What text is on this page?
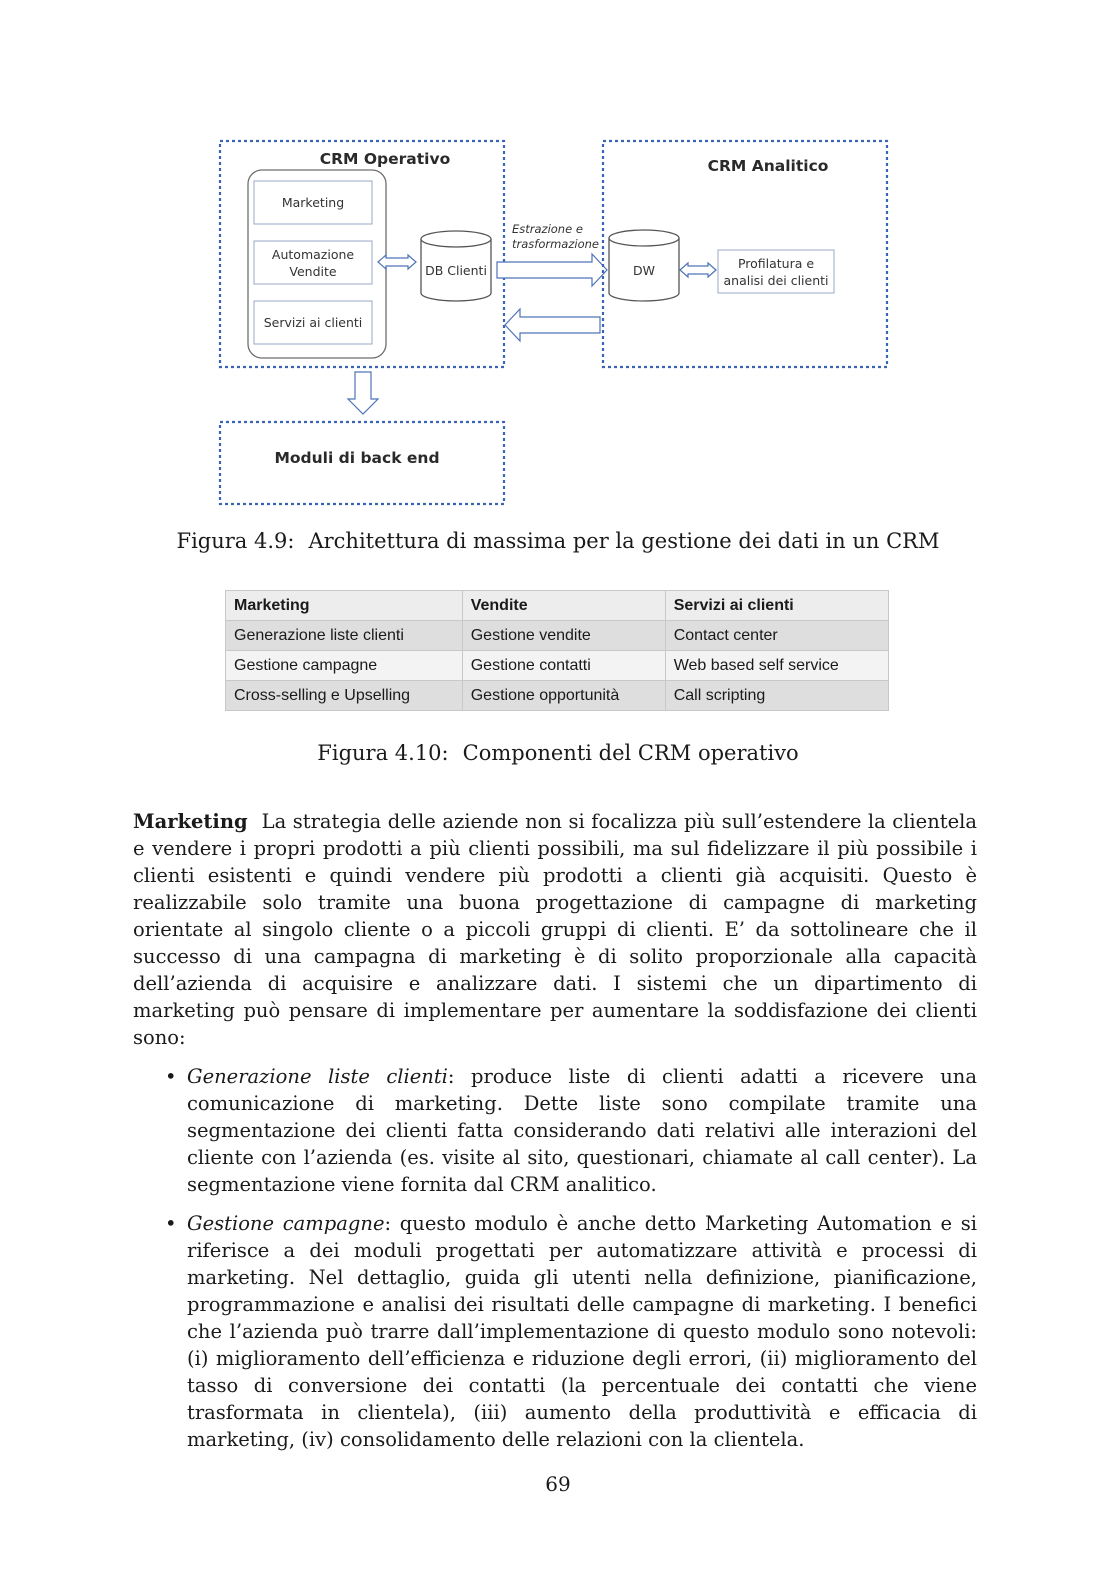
CRM Operativo
Marketing
Automazione
Vendite
Servizi ai clienti
DB Clienti
Estrazione e
trasformazione
CRM Analitico
DW	Profilatura e
analisi dei clienti
Moduli di back end
Figura 4.9: Architettura di massima per la gestione dei dati in un CRM
Marketing	Vendite	Servizi ai clienti
Generazione liste clienti	Gestione vendite	Contact center
Gestione campagne	Gestione contatti	Web based self service
Cross-selling e Upselling	Gestione opportunità	Call scripting
Figura 4.10: Componenti del CRM operativo

Marketing La strategia delle aziende non si focalizza più sull’estendere la clientela e vendere i propri prodotti a più clienti possibili, ma sul fidelizzare il più possibile i clienti esistenti e quindi vendere più prodotti a clienti già acquisiti. Questo è realizzabile solo tramite una buona progettazione di campagne di marketing orientate al singolo cliente o a piccoli gruppi di clienti. E’ da sottolineare che il successo di una campagna di marketing è di solito proporzionale alla capacità dell’azienda di acquisire e analizzare dati. I sistemi che un dipartimento di marketing può pensare di implementare per aumentare la soddisfazione dei clienti sono:

• Generazione liste clienti: produce liste di clienti adatti a ricevere una comunicazione di marketing. Dette liste sono compilate tramite una segmentazione dei clienti fatta considerando dati relativi alle interazioni del cliente con l’azienda (es. visite al sito, questionari, chiamate al call center). La segmentazione viene fornita dal CRM analitico.
• Gestione campagne: questo modulo è anche detto Marketing Automation e si riferisce a dei moduli progettati per automatizzare attività e processi di marketing. Nel dettaglio, guida gli utenti nella definizione, pianificazione, programmazione e analisi dei risultati delle campagne di marketing. I benefici che l’azienda può trarre dall’implementazione di questo modulo sono notevoli: (i) miglioramento dell’efficienza e riduzione degli errori, (ii) miglioramento del tasso di conversione dei contatti (la percentuale dei contatti che viene trasformata in clientela), (iii) aumento della produttività e efficacia di marketing, (iv) consolidamento delle relazioni con la clientela.
69
